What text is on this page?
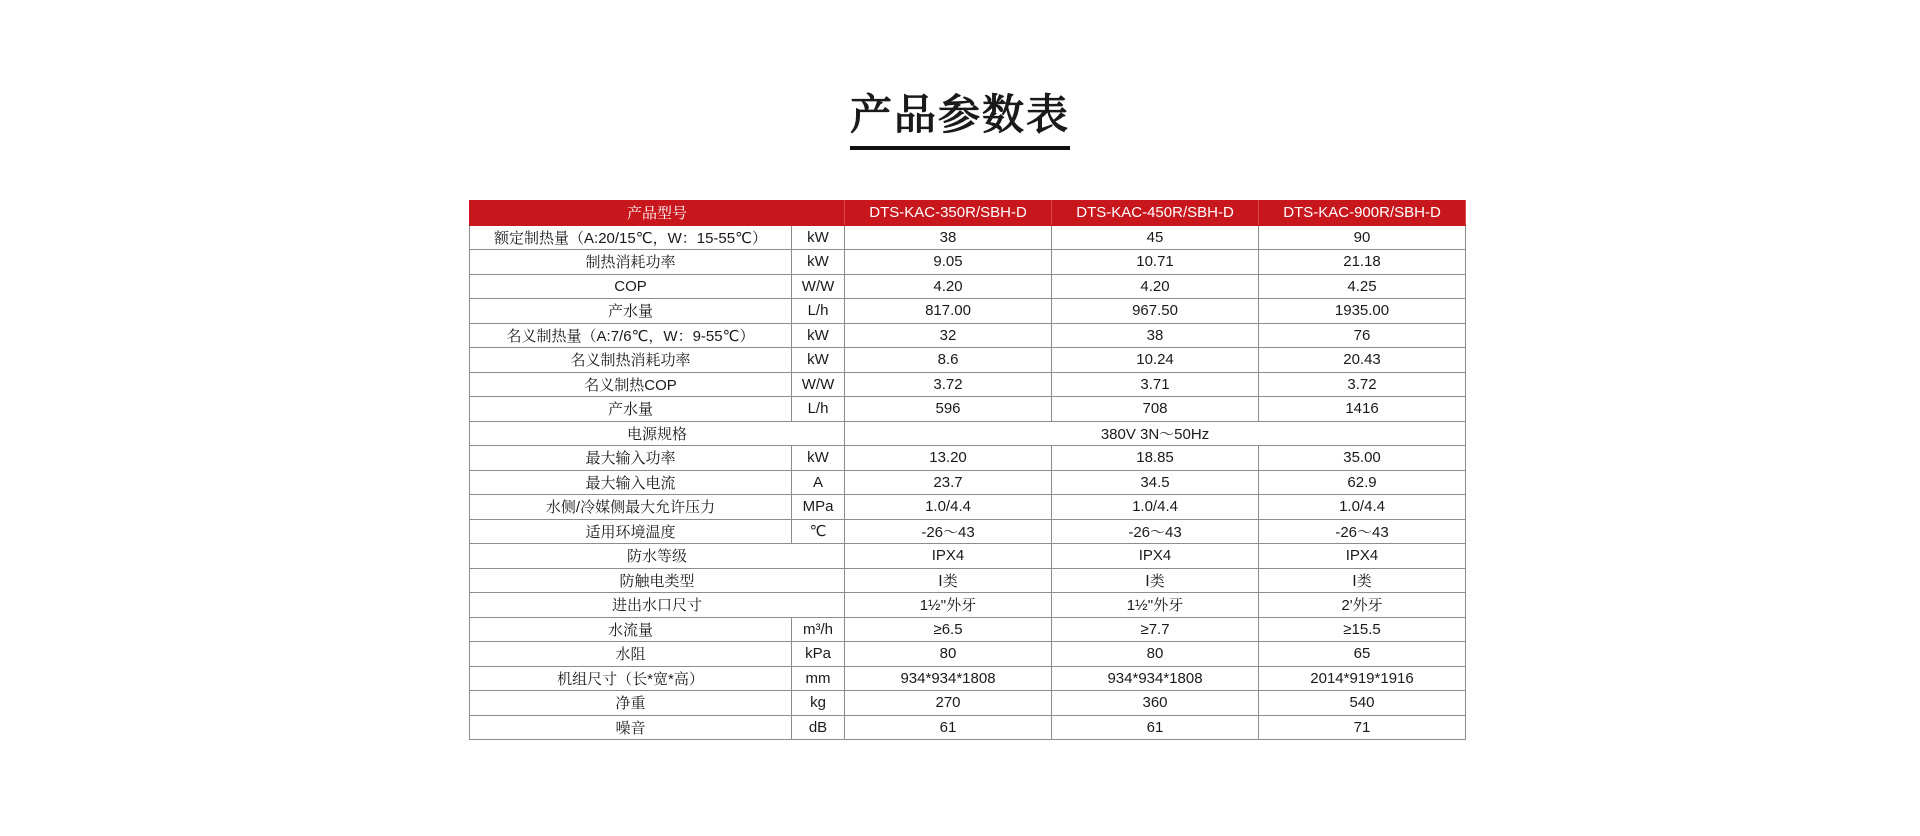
产品参数表
产品型号		DTS-KAC-350R/SBH-D	DTS-KAC-450R/SBH-D	DTS-KAC-900R/SBH-D
额定制热量（A:20/15℃，W：15-55℃）	kW	38	45	90
制热消耗功率	kW	9.05	10.71	21.18
COP	W/W	4.20	4.20	4.25
产水量	L/h	817.00	967.50	1935.00
名义制热量（A:7/6℃，W：9-55℃）	kW	32	38	76
名义制热消耗功率	kW	8.6	10.24	20.43
名义制热COP	W/W	3.72	3.71	3.72
产水量	L/h	596	708	1416
电源规格		380V 3N～50Hz		
最大输入功率	kW	13.20	18.85	35.00
最大输入电流	A	23.7	34.5	62.9
水侧/冷媒侧最大允许压力	MPa	1.0/4.4	1.0/4.4	1.0/4.4
适用环境温度	℃	-26～43	-26～43	-26～43
防水等级		IPX4	IPX4	IPX4
防触电类型		Ⅰ类	Ⅰ类	Ⅰ类
进出水口尺寸		1½''外牙	1½''外牙	2'外牙
水流量	m³/h	≥6.5	≥7.7	≥15.5
水阻	kPa	80	80	65
机组尺寸（长*宽*高）	mm	934*934*1808	934*934*1808	2014*919*1916
净重	kg	270	360	540
噪音	dB	61	61	71
